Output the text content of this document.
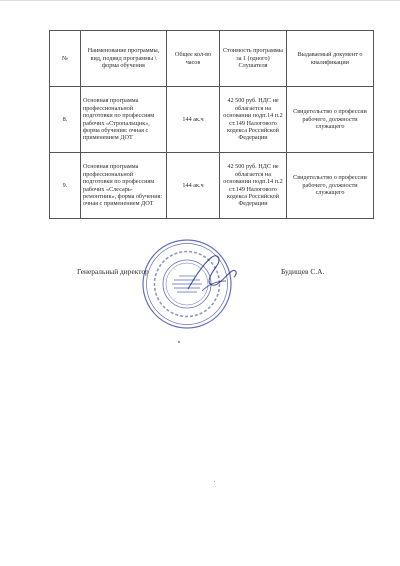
№	Наименование программы, вид, подвид программы \ форма обучения	Общее кол-во часов	Стоимость программы за 1 (одного) Слушателя	Выдаваемый документ о квалификации
8.	Основная программа профессиональной подготовки по профессиям рабочих «Стропальщик», форма обучения: очная с применением ДОТ	144 ак.ч	42 500 руб. НДС не облагается на основании подп.14 п.2 ст.149 Налогового кодекса Российской Федерации	Свидетельство о профессии рабочего, должности служащего
9.	Основная программа профессиональной подготовки по профессиям рабочих «Слесарь-ремонтник», форма обучения: очная с применением ДОТ	144 ак.ч	42 500 руб. НДС не облагается на основании подп.14 п.2 ст.149 Налогового кодекса Российской Федерации	Свидетельство о профессии рабочего, должности служащего
Генеральный директор	Будищев С.А.
